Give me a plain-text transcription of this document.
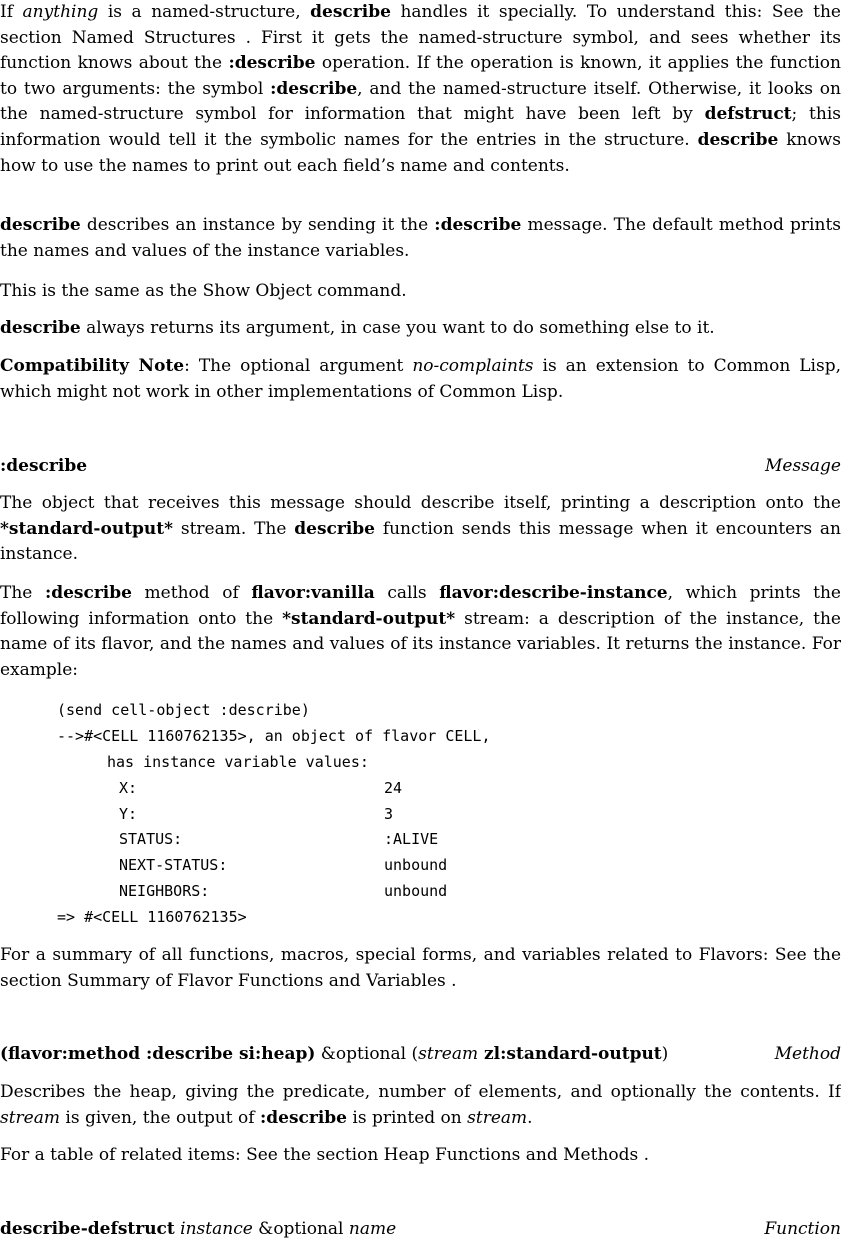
If anything is a named-structure, describe handles it specially. To understand this: See the section Named Structures . First it gets the named-structure symbol, and sees whether its function knows about the :describe operation. If the operation is known, it applies the function to two arguments: the symbol :describe, and the named-structure itself. Otherwise, it looks on the named-structure symbol for information that might have been left by defstruct; this information would tell it the symbolic names for the entries in the structure. describe knows how to use the names to print out each field’s name and contents.

describe describes an instance by sending it the :describe message. The default method prints the names and values of the instance variables.

This is the same as the Show Object command.

describe always returns its argument, in case you want to do something else to it.

Compatibility Note: The optional argument no-complaints is an extension to Common Lisp, which might not work in other implementations of Common Lisp.

:describe	Message

The object that receives this message should describe itself, printing a description onto the *standard-output* stream. The describe function sends this message when it encounters an instance.

The :describe method of flavor:vanilla calls flavor:describe-instance, which prints the following information onto the *standard-output* stream: a description of the instance, the name of its flavor, and the names and values of its instance variables. It returns the instance. For example:

(send cell-object :describe)
-->#<CELL 1160762135>, an object of flavor CELL,
has instance variable values:
X:	24
Y:	3
STATUS:	:ALIVE
NEXT-STATUS:	unbound
NEIGHBORS:	unbound
=> #<CELL 1160762135>

For a summary of all functions, macros, special forms, and variables related to Flavors: See the section Summary of Flavor Functions and Variables .

(flavor:method :describe si:heap) &optional (stream zl:standard-output)	Method

Describes the heap, giving the predicate, number of elements, and optionally the contents. If stream is given, the output of :describe is printed on stream.

For a table of related items: See the section Heap Functions and Methods .

describe-defstruct instance &optional name	Function
